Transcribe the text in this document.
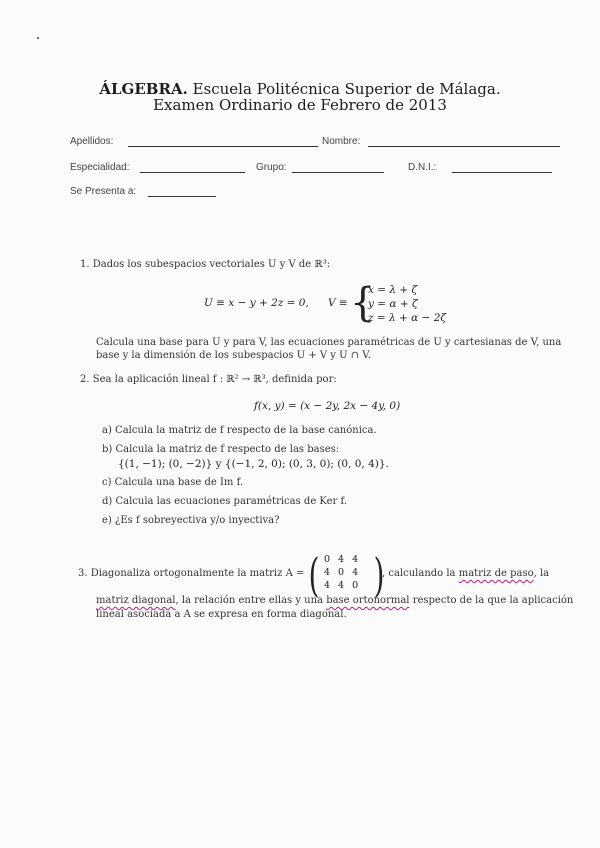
ÁLGEBRA. Escuela Politécnica Superior de Málaga.
Examen Ordinario de Febrero de 2013
Apellidos:	Nombre:
Especialidad:	Grupo:	D.N.I.:
Se Presenta a:
1. Dados los subespacios vectoriales U y V de ℝ³:
U ≡ x − y + 2z = 0, V ≡ {
x = λ + ζ
y = α + ζ
z = λ + α − 2ζ
Calcula una base para U y para V, las ecuaciones paramétricas de U y cartesianas de V, una
base y la dimensión de los subespacios U + V y U ∩ V.
2. Sea la aplicación lineal f : ℝ² → ℝ³, definida por:
f(x, y) = (x − 2y, 2x − 4y, 0)
a) Calcula la matriz de f respecto de la base canónica.
b) Calcula la matriz de f respecto de las bases:
{(1, −1); (0, −2)} y {(−1, 2, 0); (0, 3, 0); (0, 0, 4)}.
c) Calcula una base de Im f.
d) Calcula las ecuaciones paramétricas de Ker f.
e) ¿Es f sobreyectiva y/o inyectiva?
3. Diagonaliza ortogonalmente la matriz A = ( 0	4	4
4	0	4
4	4	0 )
, calculando la matriz de paso, la
matriz diagonal, la relación entre ellas y una base ortonormal respecto de la que la aplicación
lineal asociada a A se expresa en forma diagonal.
